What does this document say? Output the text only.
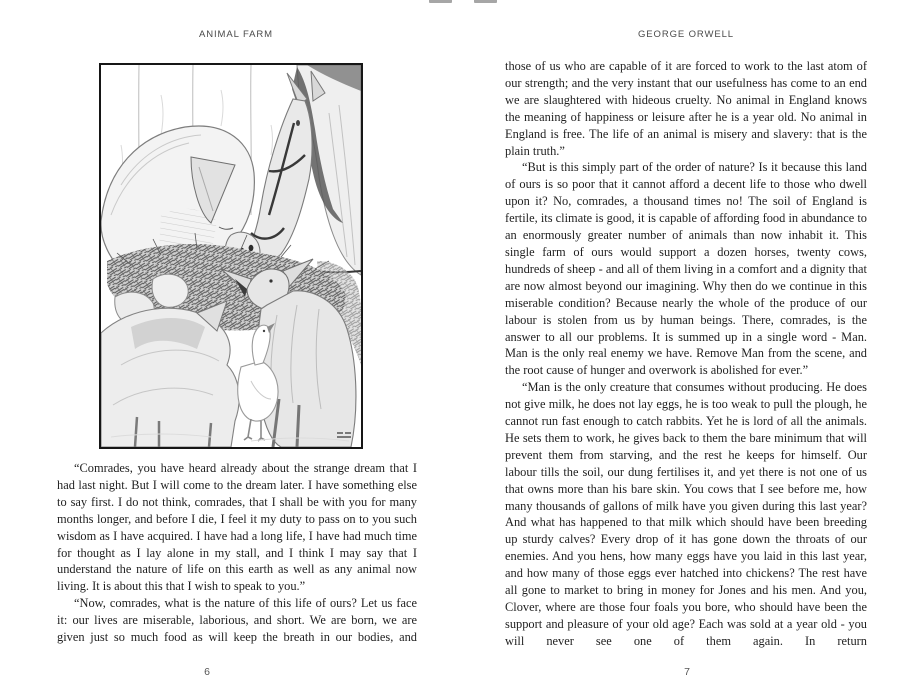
ANIMAL FARM

“Comrades, you have heard already about the strange dream that I had last night. But I will come to the dream later. I have something else to say first. I do not think, comrades, that I shall be with you for many months longer, and before I die, I feel it my duty to pass on to you such wisdom as I have acquired. I have had a long life, I have had much time for thought as I lay alone in my stall, and I think I may say that I understand the nature of life on this earth as well as any animal now living. It is about this that I wish to speak to you.”

“Now, comrades, what is the nature of this life of ours? Let us face it: our lives are miserable, laborious, and short. We are born, we are given just so much food as will keep the breath in our bodies, and

6
GEORGE ORWELL

those of us who are capable of it are forced to work to the last atom of our strength; and the very instant that our usefulness has come to an end we are slaughtered with hideous cruelty. No animal in England knows the meaning of happiness or leisure after he is a year old. No animal in England is free. The life of an animal is misery and slavery: that is the plain truth.”

“But is this simply part of the order of nature? Is it because this land of ours is so poor that it cannot afford a decent life to those who dwell upon it? No, comrades, a thousand times no! The soil of England is fertile, its climate is good, it is capable of affording food in abundance to an enormously greater number of animals than now inhabit it. This single farm of ours would support a dozen horses, twenty cows, hundreds of sheep - and all of them living in a comfort and a dignity that are now almost beyond our imagining. Why then do we continue in this miserable condition? Because nearly the whole of the produce of our labour is stolen from us by human beings. There, comrades, is the answer to all our problems. It is summed up in a single word - Man. Man is the only real enemy we have. Remove Man from the scene, and the root cause of hunger and overwork is abolished for ever.”

“Man is the only creature that consumes without producing. He does not give milk, he does not lay eggs, he is too weak to pull the plough, he cannot run fast enough to catch rabbits. Yet he is lord of all the animals. He sets them to work, he gives back to them the bare minimum that will prevent them from starving, and the rest he keeps for himself. Our labour tills the soil, our dung fertilises it, and yet there is not one of us that owns more than his bare skin. You cows that I see before me, how many thousands of gallons of milk have you given during this last year? And what has happened to that milk which should have been breeding up sturdy calves? Every drop of it has gone down the throats of our enemies. And you hens, how many eggs have you laid in this last year, and how many of those eggs ever hatched into chickens? The rest have all gone to market to bring in money for Jones and his men. And you, Clover, where are those four foals you bore, who should have been the support and pleasure of your old age? Each was sold at a year old - you will never see one of them again. In return

7
